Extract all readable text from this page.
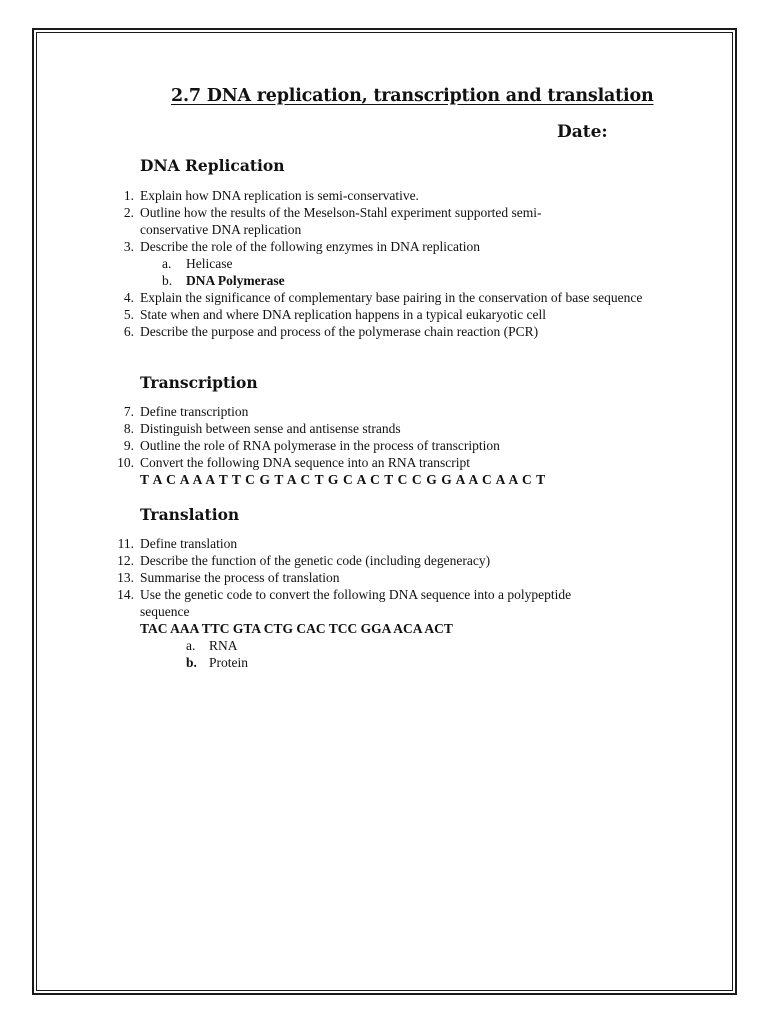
2.7 DNA replication, transcription and translation
Date:
DNA Replication
1. Explain how DNA replication is semi-conservative.
2. Outline how the results of the Meselson-Stahl experiment supported semi-conservative DNA replication
3. Describe the role of the following enzymes in DNA replication
a. Helicase
b. DNA Polymerase
4. Explain the significance of complementary base pairing in the conservation of base sequence
5. State when and where DNA replication happens in a typical eukaryotic cell
6. Describe the purpose and process of the polymerase chain reaction (PCR)
Transcription
7. Define transcription
8. Distinguish between sense and antisense strands
9. Outline the role of RNA polymerase in the process of transcription
10. Convert the following DNA sequence into an RNA transcript
T A C A A A T T C G T A C T G C A C T C C G G A A C A A C T
Translation
11. Define translation
12. Describe the function of the genetic code (including degeneracy)
13. Summarise the process of translation
14. Use the genetic code to convert the following DNA sequence into a polypeptide sequence
TAC AAA TTC GTA CTG CAC TCC GGA ACA ACT
a. RNA
b. Protein
